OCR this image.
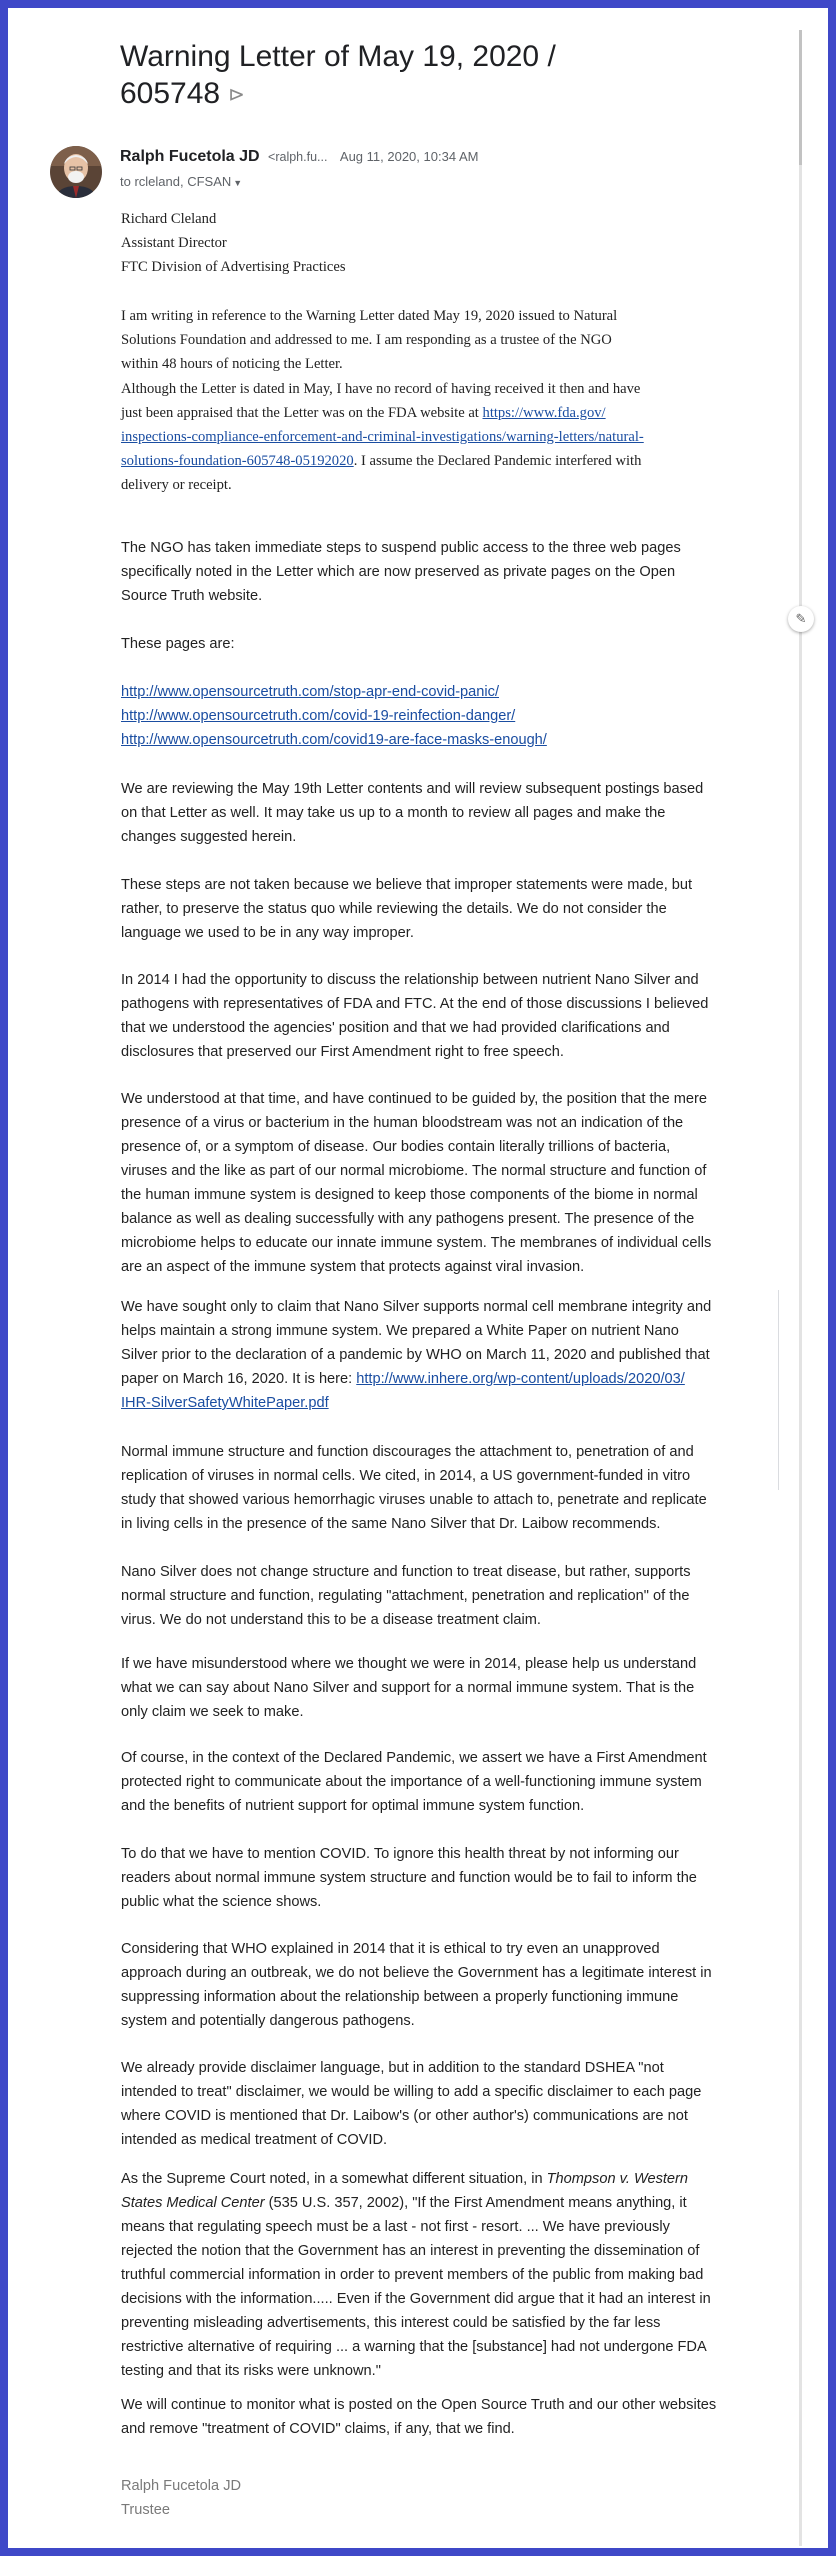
✎
Warning Letter of May 19, 2020 /
605748 ⊳
Ralph Fucetola JD <ralph.fu... Aug 11, 2020, 10:34 AM
to rcleland, CFSAN ▼
Richard Cleland
Assistant Director
FTC Division of Advertising Practices
I am writing in reference to the Warning Letter dated May 19, 2020 issued to Natural
Solutions Foundation and addressed to me. I am responding as a trustee of the NGO
within 48 hours of noticing the Letter.
Although the Letter is dated in May, I have no record of having received it then and have
just been appraised that the Letter was on the FDA website at https://www.fda.gov/
inspections-compliance-enforcement-and-criminal-investigations/warning-letters/natural-
solutions-foundation-605748-05192020. I assume the Declared Pandemic interfered with
delivery or receipt.
The NGO has taken immediate steps to suspend public access to the three web pages
specifically noted in the Letter which are now preserved as private pages on the Open
Source Truth website.
These pages are:
http://www.opensourcetruth.com/stop-apr-end-covid-panic/
http://www.opensourcetruth.com/covid-19-reinfection-danger/
http://www.opensourcetruth.com/covid19-are-face-masks-enough/
We are reviewing the May 19th Letter contents and will review subsequent postings based
on that Letter as well. It may take us up to a month to review all pages and make the
changes suggested herein.
These steps are not taken because we believe that improper statements were made, but
rather, to preserve the status quo while reviewing the details. We do not consider the
language we used to be in any way improper.
In 2014 I had the opportunity to discuss the relationship between nutrient Nano Silver and
pathogens with representatives of FDA and FTC. At the end of those discussions I believed
that we understood the agencies' position and that we had provided clarifications and
disclosures that preserved our First Amendment right to free speech.
We understood at that time, and have continued to be guided by, the position that the mere
presence of a virus or bacterium in the human bloodstream was not an indication of the
presence of, or a symptom of disease. Our bodies contain literally trillions of bacteria,
viruses and the like as part of our normal microbiome. The normal structure and function of
the human immune system is designed to keep those components of the biome in normal
balance as well as dealing successfully with any pathogens present. The presence of the
microbiome helps to educate our innate immune system. The membranes of individual cells
are an aspect of the immune system that protects against viral invasion.
We have sought only to claim that Nano Silver supports normal cell membrane integrity and
helps maintain a strong immune system. We prepared a White Paper on nutrient Nano
Silver prior to the declaration of a pandemic by WHO on March 11, 2020 and published that
paper on March 16, 2020. It is here: http://www.inhere.org/wp-content/uploads/2020/03/
IHR-SilverSafetyWhitePaper.pdf
Normal immune structure and function discourages the attachment to, penetration of and
replication of viruses in normal cells. We cited, in 2014, a US government-funded in vitro
study that showed various hemorrhagic viruses unable to attach to, penetrate and replicate
in living cells in the presence of the same Nano Silver that Dr. Laibow recommends.
Nano Silver does not change structure and function to treat disease, but rather, supports
normal structure and function, regulating "attachment, penetration and replication" of the
virus. We do not understand this to be a disease treatment claim.
If we have misunderstood where we thought we were in 2014, please help us understand
what we can say about Nano Silver and support for a normal immune system. That is the
only claim we seek to make.
Of course, in the context of the Declared Pandemic, we assert we have a First Amendment
protected right to communicate about the importance of a well-functioning immune system
and the benefits of nutrient support for optimal immune system function.
To do that we have to mention COVID. To ignore this health threat by not informing our
readers about normal immune system structure and function would be to fail to inform the
public what the science shows.
Considering that WHO explained in 2014 that it is ethical to try even an unapproved
approach during an outbreak, we do not believe the Government has a legitimate interest in
suppressing information about the relationship between a properly functioning immune
system and potentially dangerous pathogens.
We already provide disclaimer language, but in addition to the standard DSHEA "not
intended to treat" disclaimer, we would be willing to add a specific disclaimer to each page
where COVID is mentioned that Dr. Laibow's (or other author's) communications are not
intended as medical treatment of COVID.
As the Supreme Court noted, in a somewhat different situation, in Thompson v. Western
States Medical Center (535 U.S. 357, 2002), "If the First Amendment means anything, it
means that regulating speech must be a last - not first - resort. ... We have previously
rejected the notion that the Government has an interest in preventing the dissemination of
truthful commercial information in order to prevent members of the public from making bad
decisions with the information..... Even if the Government did argue that it had an interest in
preventing misleading advertisements, this interest could be satisfied by the far less
restrictive alternative of requiring ... a warning that the [substance] had not undergone FDA
testing and that its risks were unknown."
We will continue to monitor what is posted on the Open Source Truth and our other websites
and remove "treatment of COVID" claims, if any, that we find.
Ralph Fucetola JD
Trustee
